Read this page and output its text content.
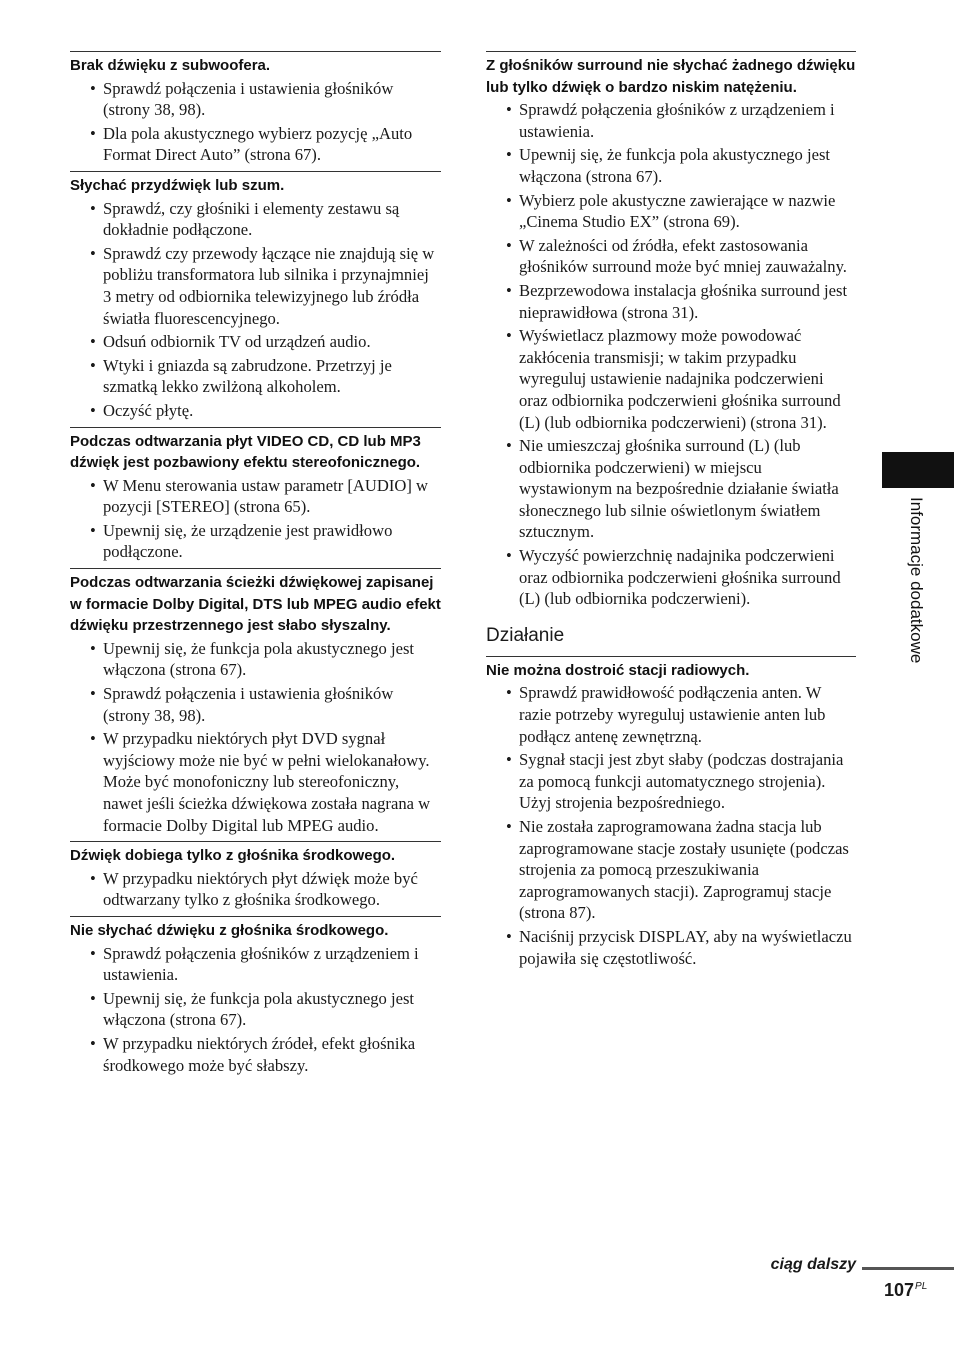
Brak dźwięku z subwoofera.
• Sprawdź połączenia i ustawienia głośników (strony 38, 98).
• Dla pola akustycznego wybierz pozycję „Auto Format Direct Auto” (strona 67).
Słychać przydźwięk lub szum.
• Sprawdź, czy głośniki i elementy zestawu są dokładnie podłączone.
• Sprawdź czy przewody łączące nie znajdują się w pobliżu transformatora lub silnika i przynajmniej 3 metry od odbiornika telewizyjnego lub źródła światła fluorescencyjnego.
• Odsuń odbiornik TV od urządzeń audio.
• Wtyki i gniazda są zabrudzone. Przetrzyj je szmatką lekko zwilżoną alkoholem.
• Oczyść płytę.
Podczas odtwarzania płyt VIDEO CD, CD lub MP3 dźwięk jest pozbawiony efektu stereofonicznego.
• W Menu sterowania ustaw parametr [AUDIO] w pozycji [STEREO] (strona 65).
• Upewnij się, że urządzenie jest prawidłowo podłączone.
Podczas odtwarzania ścieżki dźwiękowej zapisanej w formacie Dolby Digital, DTS lub MPEG audio efekt dźwięku przestrzennego jest słabo słyszalny.
• Upewnij się, że funkcja pola akustycznego jest włączona (strona 67).
• Sprawdź połączenia i ustawienia głośników (strony 38, 98).
• W przypadku niektórych płyt DVD sygnał wyjściowy może nie być w pełni wielokanałowy. Może być monofoniczny lub stereofoniczny, nawet jeśli ścieżka dźwiękowa została nagrana w formacie Dolby Digital lub MPEG audio.
Dźwięk dobiega tylko z głośnika środkowego.
• W przypadku niektórych płyt dźwięk może być odtwarzany tylko z głośnika środkowego.
Nie słychać dźwięku z głośnika środkowego.
• Sprawdź połączenia głośników z urządzeniem i ustawienia.
• Upewnij się, że funkcja pola akustycznego jest włączona (strona 67).
• W przypadku niektórych źródeł, efekt głośnika środkowego może być słabszy.
Z głośników surround nie słychać żadnego dźwięku lub tylko dźwięk o bardzo niskim natężeniu.
• Sprawdź połączenia głośników z urządzeniem i ustawienia.
• Upewnij się, że funkcja pola akustycznego jest włączona (strona 67).
• Wybierz pole akustyczne zawierające w nazwie „Cinema Studio EX” (strona 69).
• W zależności od źródła, efekt zastosowania głośników surround może być mniej zauważalny.
• Bezprzewodowa instalacja głośnika surround jest nieprawidłowa (strona 31).
• Wyświetlacz plazmowy może powodować zakłócenia transmisji; w takim przypadku wyreguluj ustawienie nadajnika podczerwieni oraz odbiornika podczerwieni głośnika surround (L) (lub odbiornika podczerwieni) (strona 31).
• Nie umieszczaj głośnika surround (L) (lub odbiornika podczerwieni) w miejscu wystawionym na bezpośrednie działanie światła słonecznego lub silnie oświetlonym światłem sztucznym.
• Wyczyść powierzchnię nadajnika podczerwieni oraz odbiornika podczerwieni głośnika surround (L) (lub odbiornika podczerwieni).
Działanie
Nie można dostroić stacji radiowych.
• Sprawdź prawidłowość podłączenia anten. W razie potrzeby wyreguluj ustawienie anten lub podłącz antenę zewnętrzną.
• Sygnał stacji jest zbyt słaby (podczas dostrajania za pomocą funkcji automatycznego strojenia). Użyj strojenia bezpośredniego.
• Nie została zaprogramowana żadna stacja lub zaprogramowane stacje zostały usunięte (podczas strojenia za pomocą przeszukiwania zaprogramowanych stacji). Zaprogramuj stacje (strona 87).
• Naciśnij przycisk DISPLAY, aby na wyświetlaczu pojawiła się częstotliwość.
Informacje dodatkowe
ciąg dalszy
$107^{PL}$
